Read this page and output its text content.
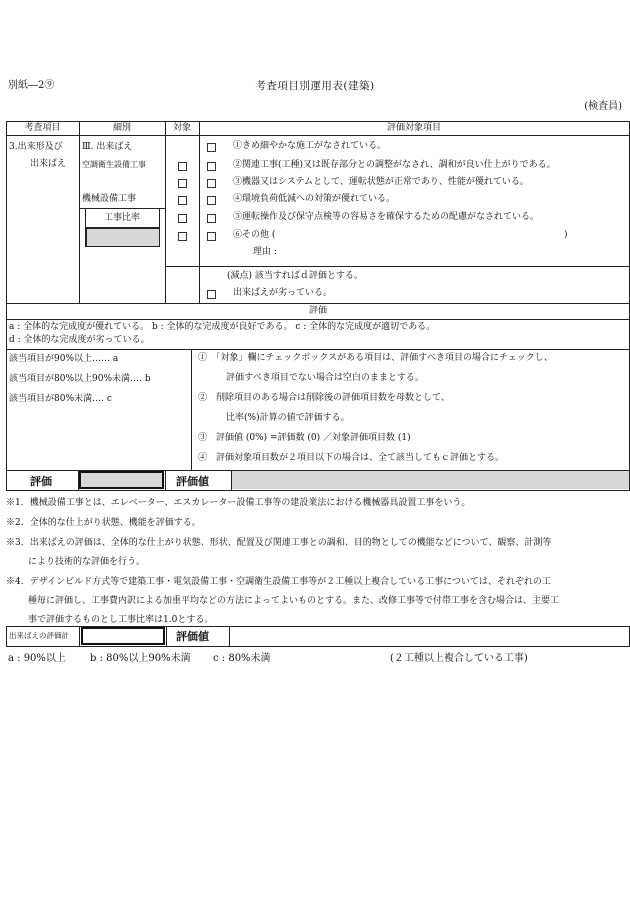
別紙―2⑨	考査項目別運用表(建築)
(検査員)
考査項目	細別	対象	評価対象項目
3.出来形及び
出来ばえ
Ⅲ. 出来ばえ
空調衛生設備工事
機械設備工事
工事比率
①きめ細やかな施工がなされている。
②関連工事(工種)又は既存部分との調整がなされ、調和が良い仕上がりである。
③機器又はシステムとして、運転状態が正常であり、性能が優れている。
④環境負荷低減への対策が優れている。
⑤運転操作及び保守点検等の容易さを確保するための配慮がなされている。
⑥その他 (	)
理由 :
(減点) 該当すればｄ評価とする。
出来ばえが劣っている。
評価
a : 全体的な完成度が優れている。 b : 全体的な完成度が良好である。 c : 全体的な完成度が適切である。
d : 全体的な完成度が劣っている。
該当項目が90%以上‥‥‥ a
該当項目が80%以上90%未満‥‥ b
該当項目が80%未満‥‥ c
①　「対象」欄にチェックボックスがある項目は、評価すべき項目の場合にチェックし、
評価すべき項目でない場合は空白のままとする。
②　削除項目のある場合は削除後の評価項目数を母数として、
比率(%)計算の値で評価する。
③　評価値 (0%) =評価数 (0) ／対象評価項目数 (1)
④　評価対象項目数が２項目以下の場合は、全て該当してもｃ評価とする。
評価	評価値
※1．機械設備工事とは、エレベーター、エスカレーター設備工事等の建設業法における機械器具設置工事をいう。
※2．全体的な仕上がり状態、機能を評価する。
※3．出来ばえの評価は、全体的な仕上がり状態、形状、配置及び関連工事との調和、目的物としての機能などについて、観察、計測等
により技術的な評価を行う。
※4．デザインビルド方式等で建築工事・電気設備工事・空調衛生設備工事等が２工種以上複合している工事については、それぞれの工
種毎に評価し、工事費内訳による加重平均などの方法によってよいものとする。また、改修工事等で付帯工事を含む場合は、主要工
事で評価するものとし工事比率は1.0とする。
出来ばえの評価計	評価値
a : 90%以上 b : 80%以上90%未満 c : 80%未満	(２工種以上複合している工事)
